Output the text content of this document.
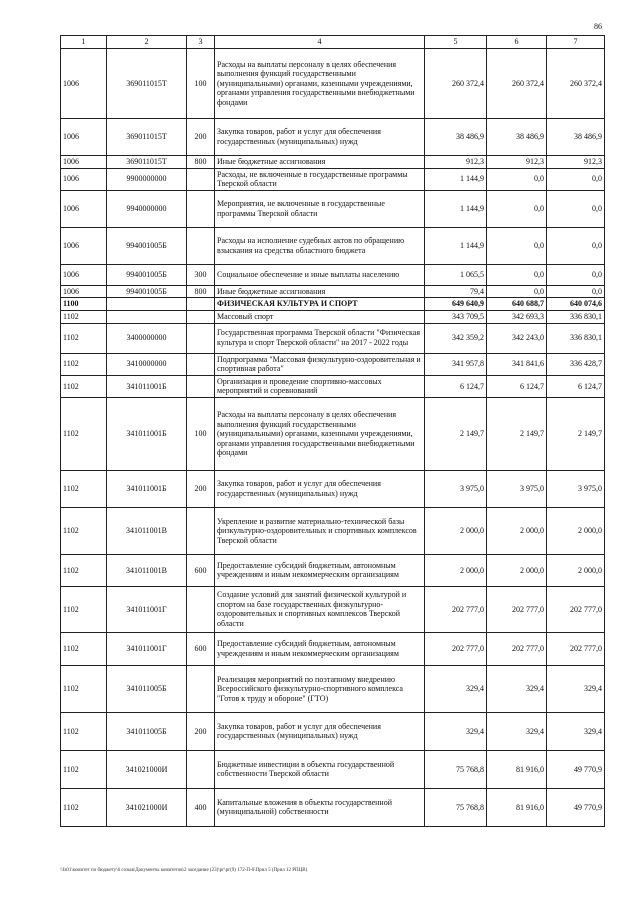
86
1	2	3	4	5	6	7
1006	369011015Т	100	Расходы на выплаты персоналу в целях обеспечения выполнения функций государственными (муниципальными) органами, казенными учреждениями, органами управления государственными внебюджетными фондами	260 372,4	260 372,4	260 372,4
1006	369011015Т	200	Закупка товаров, работ и услуг для обеспечения государственных (муниципальных) нужд	38 486,9	38 486,9	38 486,9
1006	369011015Т	800	Иные бюджетные ассигнования	912,3	912,3	912,3
1006	9900000000		Расходы, не включенные в государственные программы Тверской области	1 144,9	0,0	0,0
1006	9940000000		Мероприятия, не включенные в государственные программы Тверской области	1 144,9	0,0	0,0
1006	994001005Б		Расходы на исполнение судебных актов по обращению взыскания на средства областного бюджета	1 144,9	0,0	0,0
1006	994001005Б	300	Социальное обеспечение и иные выплаты населению	1 065,5	0,0	0,0
1006	994001005Б	800	Иные бюджетные ассигнования	79,4	0,0	0,0
1100			ФИЗИЧЕСКАЯ КУЛЬТУРА И СПОРТ	649 640,9	640 688,7	640 074,6
1102			Массовый спорт	343 709,5	342 693,3	336 830,1
1102	3400000000		Государственная программа Тверской области "Физическая культура и спорт Тверской области" на 2017 - 2022 годы	342 359,2	342 243,0	336 830,1
1102	3410000000		Подпрограмма "Массовая физкультурно-оздоровительная и спортивная работа"	341 957,8	341 841,6	336 428,7
1102	341011001Б		Организация и проведение спортивно-массовых мероприятий и соревнований	6 124,7	6 124,7	6 124,7
1102	341011001Б	100	Расходы на выплаты персоналу в целях обеспечения выполнения функций государственными (муниципальными) органами, казенными учреждениями, органами управления государственными внебюджетными фондами	2 149,7	2 149,7	2 149,7
1102	341011001Б	200	Закупка товаров, работ и услуг для обеспечения государственных (муниципальных) нужд	3 975,0	3 975,0	3 975,0
1102	341011001В		Укрепление и развитие материально-технической базы физкультурно-оздоровительных и спортивных комплексов Тверской области	2 000,0	2 000,0	2 000,0
1102	341011001В	600	Предоставление субсидий бюджетным, автономным учреждениям и иным некоммерческим организациям	2 000,0	2 000,0	2 000,0
1102	341011001Г		Создание условий для занятий физической культурой и спортом на базе государственных физкультурно-оздоровительных и спортивных комплексов Тверской области	202 777,0	202 777,0	202 777,0
1102	341011001Г	600	Предоставление субсидий бюджетным, автономным учреждениям и иным некоммерческим организациям	202 777,0	202 777,0	202 777,0
1102	341011005Б		Реализация мероприятий по поэтапному внедрению Всероссийского физкультурно-спортивного комплекса "Готов к труду и обороне" (ГТО)	329,4	329,4	329,4
1102	341011005Б	200	Закупка товаров, работ и услуг для обеспечения государственных (муниципальных) нужд	329,4	329,4	329,4
1102	341021000И		Бюджетные инвестиции в объекты государственной собственности Тверской области	75 768,8	81 916,0	49 770,9
1102	341021000И	400	Капитальные вложения в объекты государственной (муниципальной) собственности	75 768,8	81 916,0	49 770,9
\\fs01\комитет по бюджету\6 созыв\Документы комитетов\2 заседание (23)\рг\рг(9) 172-П-6\Прил 5 (Прил 12 РПЦВ)
